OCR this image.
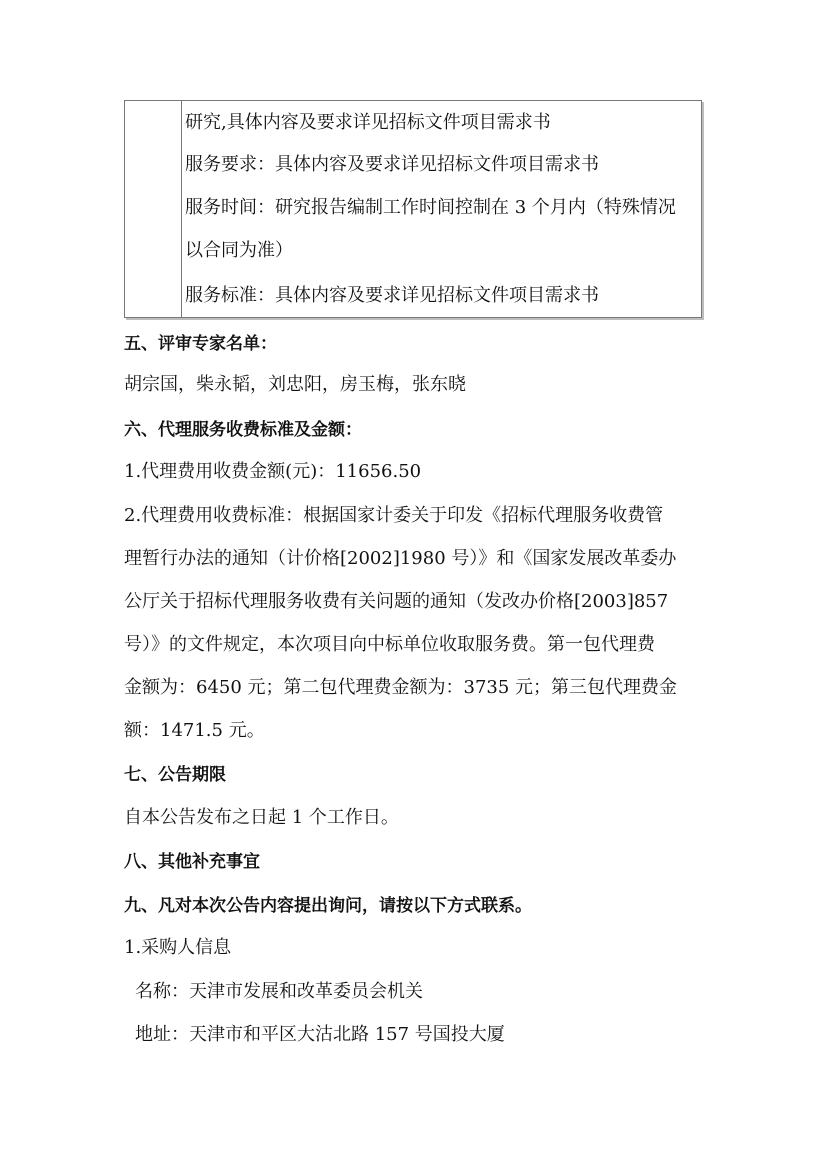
研究,具体内容及要求详见招标文件项目需求书
服务要求：具体内容及要求详见招标文件项目需求书
服务时间：研究报告编制工作时间控制在 3 个月内（特殊情况
以合同为准）
服务标准：具体内容及要求详见招标文件项目需求书
五、评审专家名单：
胡宗国，柴永韬，刘忠阳，房玉梅，张东晓
六、代理服务收费标准及金额：
1.代理费用收费金额(元)：11656.50
2.代理费用收费标准：根据国家计委关于印发《招标代理服务收费管
理暂行办法的通知（计价格[2002]1980 号）》和《国家发展改革委办
公厅关于招标代理服务收费有关问题的通知（发改办价格[2003]857
号）》的文件规定，本次项目向中标单位收取服务费。第一包代理费
金额为：6450 元；第二包代理费金额为：3735 元；第三包代理费金
额：1471.5 元。
七、公告期限
自本公告发布之日起 1 个工作日。
八、其他补充事宜
九、凡对本次公告内容提出询问，请按以下方式联系。
1.采购人信息
名称：天津市发展和改革委员会机关
地址：天津市和平区大沽北路 157 号国投大厦
